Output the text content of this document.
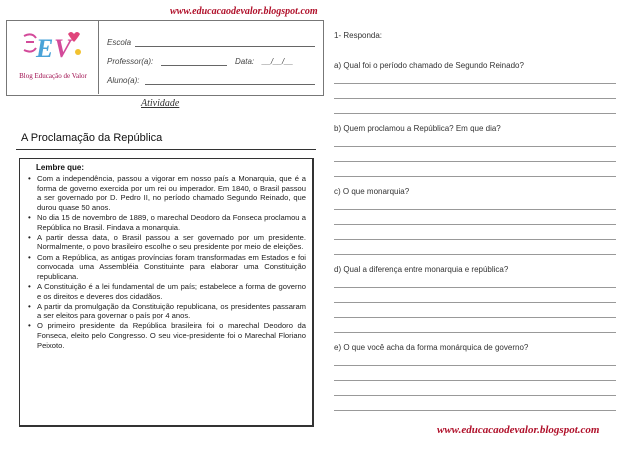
www.educacaodevalor.blogspot.com
E V
Blog Educação de Valor
Escola
Professor(a):	Data: __/__/__
Aluno(a):
Atividade
A Proclamação da República
Lembre que:
• Com a independência, passou a vigorar em nosso país a Monarquia, que é a forma de governo exercida por um rei ou imperador. Em 1840, o Brasil passou a ser governado por D. Pedro II, no período chamado Segundo Reinado, que durou quase 50 anos.
• No dia 15 de novembro de 1889, o marechal Deodoro da Fonseca proclamou a República no Brasil. Findava a monarquia.
• A partir dessa data, o Brasil passou a ser governado por um presidente. Normalmente, o povo brasileiro escolhe o seu presidente por meio de eleições.
• Com a República, as antigas províncias foram transformadas em Estados e foi convocada uma Assembléia Constituinte para elaborar uma Constituição republicana.
• A Constituição é a lei fundamental de um país; estabelece a forma de governo e os direitos e deveres dos cidadãos.
• A partir da promulgação da Constituição republicana, os presidentes passaram a ser eleitos para governar o país por 4 anos.
• O primeiro presidente da República brasileira foi o marechal Deodoro da Fonseca, eleito pelo Congresso. O seu vice-presidente foi o Marechal Floriano Peixoto.
1- Responda:
a) Qual foi o período chamado de Segundo Reinado?
b) Quem proclamou a República? Em que dia?
c) O que monarquia?
d) Qual a diferença entre monarquia e república?
e) O que você acha da forma monárquica de governo?
www.educacaodevalor.blogspot.com
